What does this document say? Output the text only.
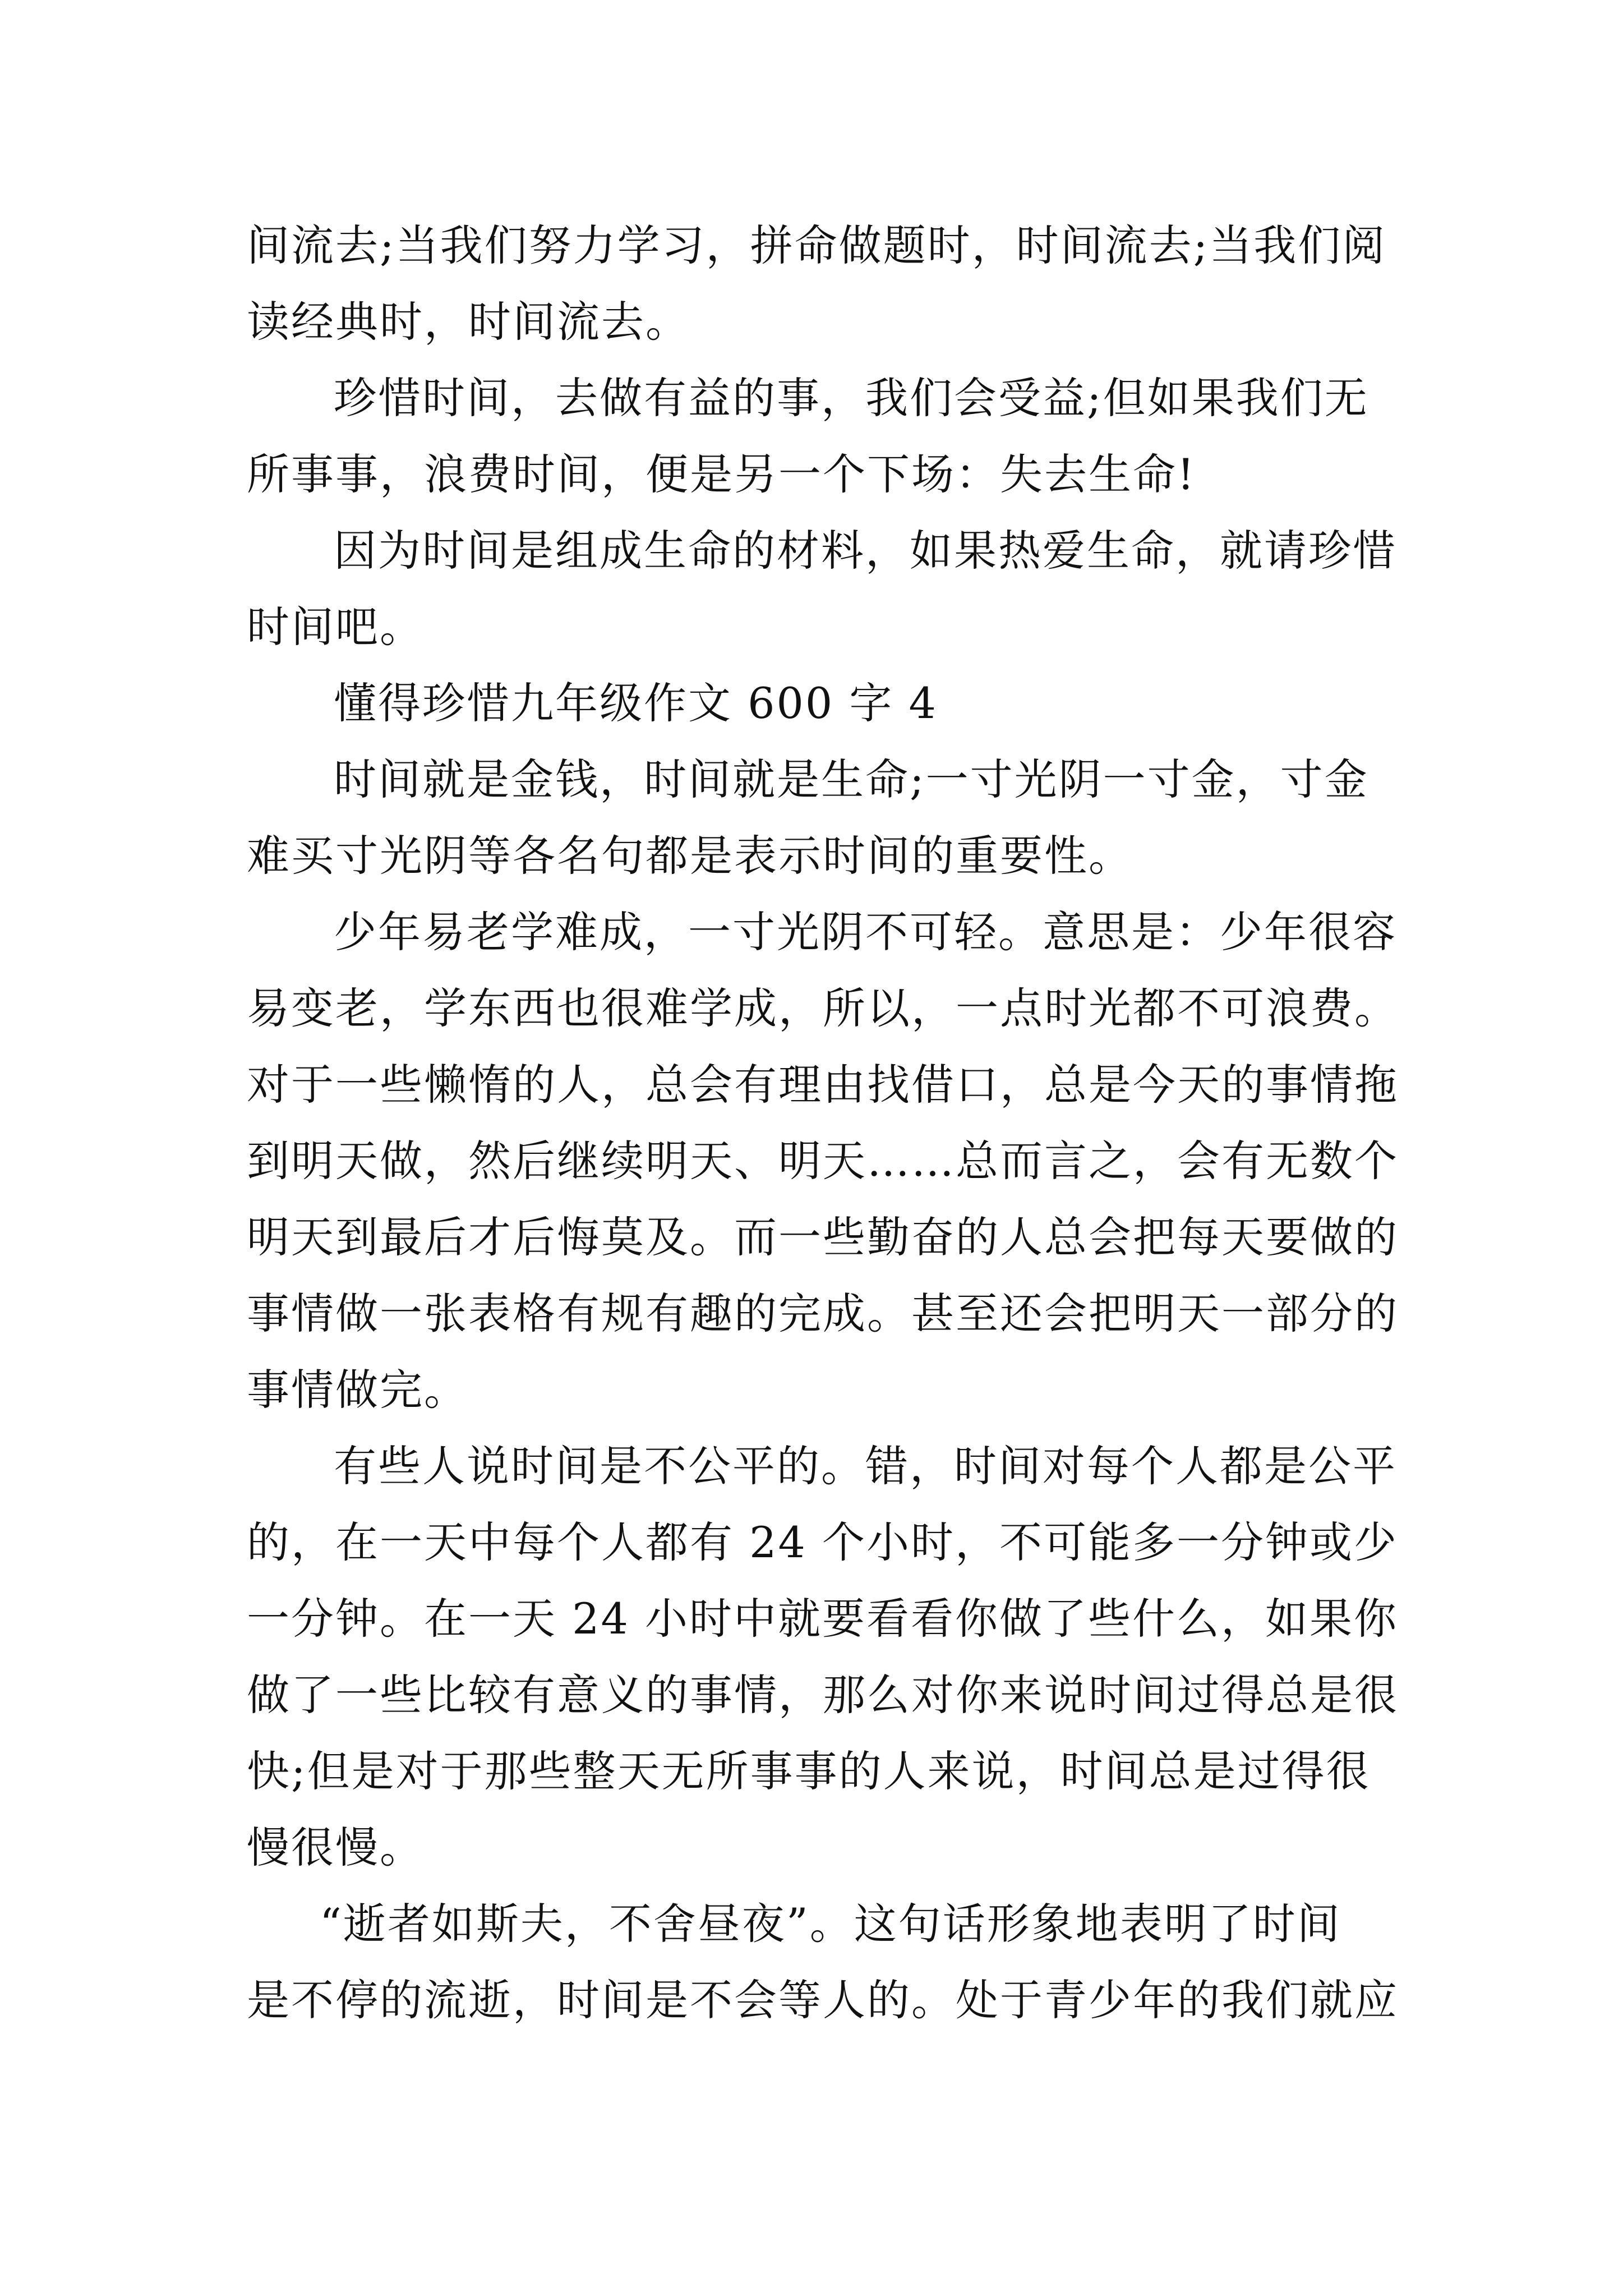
间流去;当我们努力学习，拼命做题时，时间流去;当我们阅
读经典时，时间流去。
珍惜时间，去做有益的事，我们会受益;但如果我们无
所事事，浪费时间，便是另一个下场：失去生命!
因为时间是组成生命的材料，如果热爱生命，就请珍惜
时间吧。
懂得珍惜九年级作文 600 字 4
时间就是金钱，时间就是生命;一寸光阴一寸金，寸金
难买寸光阴等各名句都是表示时间的重要性。
少年易老学难成，一寸光阴不可轻。意思是：少年很容
易变老，学东西也很难学成，所以，一点时光都不可浪费。
对于一些懒惰的人，总会有理由找借口，总是今天的事情拖
到明天做，然后继续明天、明天……总而言之，会有无数个
明天到最后才后悔莫及。而一些勤奋的人总会把每天要做的
事情做一张表格有规有趣的完成。甚至还会把明天一部分的
事情做完。
有些人说时间是不公平的。错，时间对每个人都是公平
的，在一天中每个人都有 24 个小时，不可能多一分钟或少
一分钟。在一天 24 小时中就要看看你做了些什么，如果你
做了一些比较有意义的事情，那么对你来说时间过得总是很
快;但是对于那些整天无所事事的人来说，时间总是过得很
慢很慢。
“逝者如斯夫，不舍昼夜”。这句话形象地表明了时间
是不停的流逝，时间是不会等人的。处于青少年的我们就应
